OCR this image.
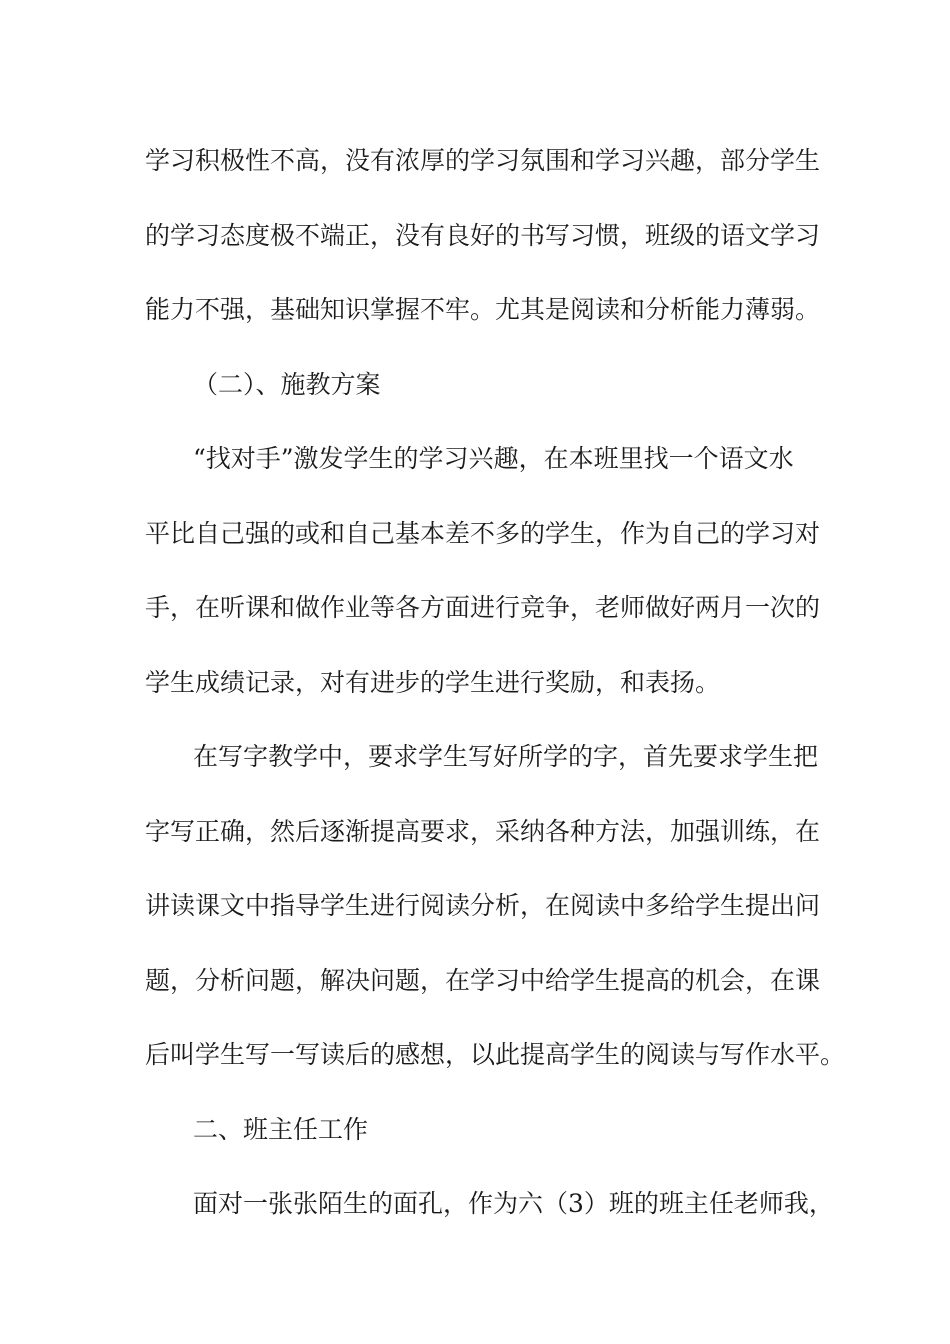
学习积极性不高，没有浓厚的学习氛围和学习兴趣，部分学生
的学习态度极不端正，没有良好的书写习惯，班级的语文学习
能力不强，基础知识掌握不牢。尤其是阅读和分析能力薄弱。
（二）、施教方案
“找对手”激发学生的学习兴趣，在本班里找一个语文水
平比自己强的或和自己基本差不多的学生，作为自己的学习对
手，在听课和做作业等各方面进行竞争，老师做好两月一次的
学生成绩记录，对有进步的学生进行奖励，和表扬。
在写字教学中，要求学生写好所学的字，首先要求学生把
字写正确，然后逐渐提高要求，采纳各种方法，加强训练，在
讲读课文中指导学生进行阅读分析，在阅读中多给学生提出问
题，分析问题，解决问题，在学习中给学生提高的机会，在课
后叫学生写一写读后的感想，以此提高学生的阅读与写作水平。
二、班主任工作
面对一张张陌生的面孔，作为六（3）班的班主任老师我，
